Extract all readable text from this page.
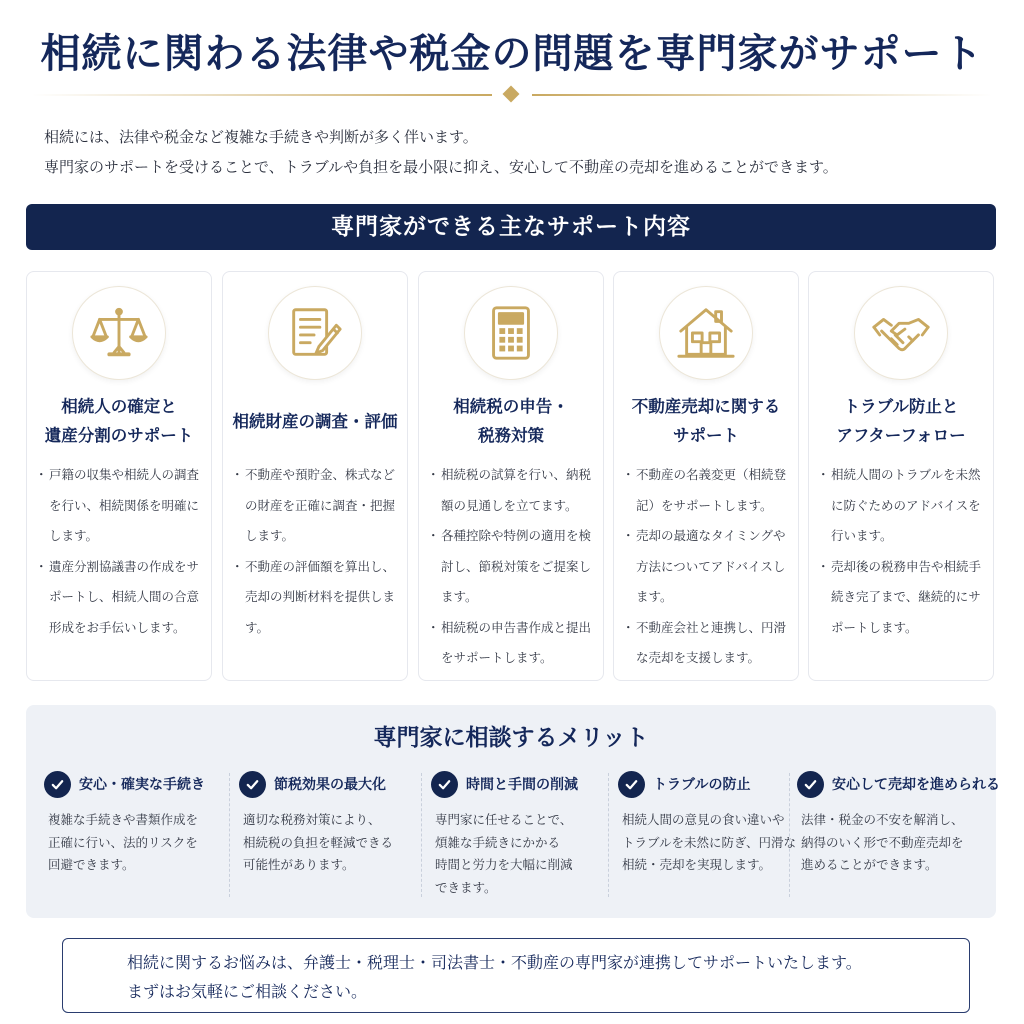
相続に関わる法律や税金の問題を専門家がサポート
相続には、法律や税金など複雑な手続きや判断が多く伴います。
専門家のサポートを受けることで、トラブルや負担を最小限に抑え、安心して不動産の売却を進めることができます。
専門家ができる主なサポート内容
相続人の確定と
遺産分割のサポート
・ 戸籍の収集や相続人の調査を行い、相続関係を明確にします。
・ 遺産分割協議書の作成をサポートし、相続人間の合意形成をお手伝いします。
相続財産の調査・評価
・ 不動産や預貯金、株式などの財産を正確に調査・把握します。
・ 不動産の評価額を算出し、売却の判断材料を提供します。
相続税の申告・
税務対策
・ 相続税の試算を行い、納税額の見通しを立てます。
・ 各種控除や特例の適用を検討し、節税対策をご提案します。
・ 相続税の申告書作成と提出をサポートします。
不動産売却に関する
サポート
・ 不動産の名義変更（相続登記）をサポートします。
・ 売却の最適なタイミングや方法についてアドバイスします。
・ 不動産会社と連携し、円滑な売却を支援します。
トラブル防止と
アフターフォロー
・ 相続人間のトラブルを未然に防ぐためのアドバイスを行います。
・ 売却後の税務申告や相続手続き完了まで、継続的にサポートします。
専門家に相談するメリット
安心・確実な手続き
複雑な手続きや書類作成を
正確に行い、法的リスクを
回避できます。
節税効果の最大化
適切な税務対策により、
相続税の負担を軽減できる
可能性があります。
時間と手間の削減
専門家に任せることで、
煩雑な手続きにかかる
時間と労力を大幅に削減
できます。
トラブルの防止
相続人間の意見の食い違いや
トラブルを未然に防ぎ、円滑な
相続・売却を実現します。
安心して売却を進められる
法律・税金の不安を解消し、
納得のいく形で不動産売却を
進めることができます。
相続に関するお悩みは、弁護士・税理士・司法書士・不動産の専門家が連携してサポートいたします。
まずはお気軽にご相談ください。
